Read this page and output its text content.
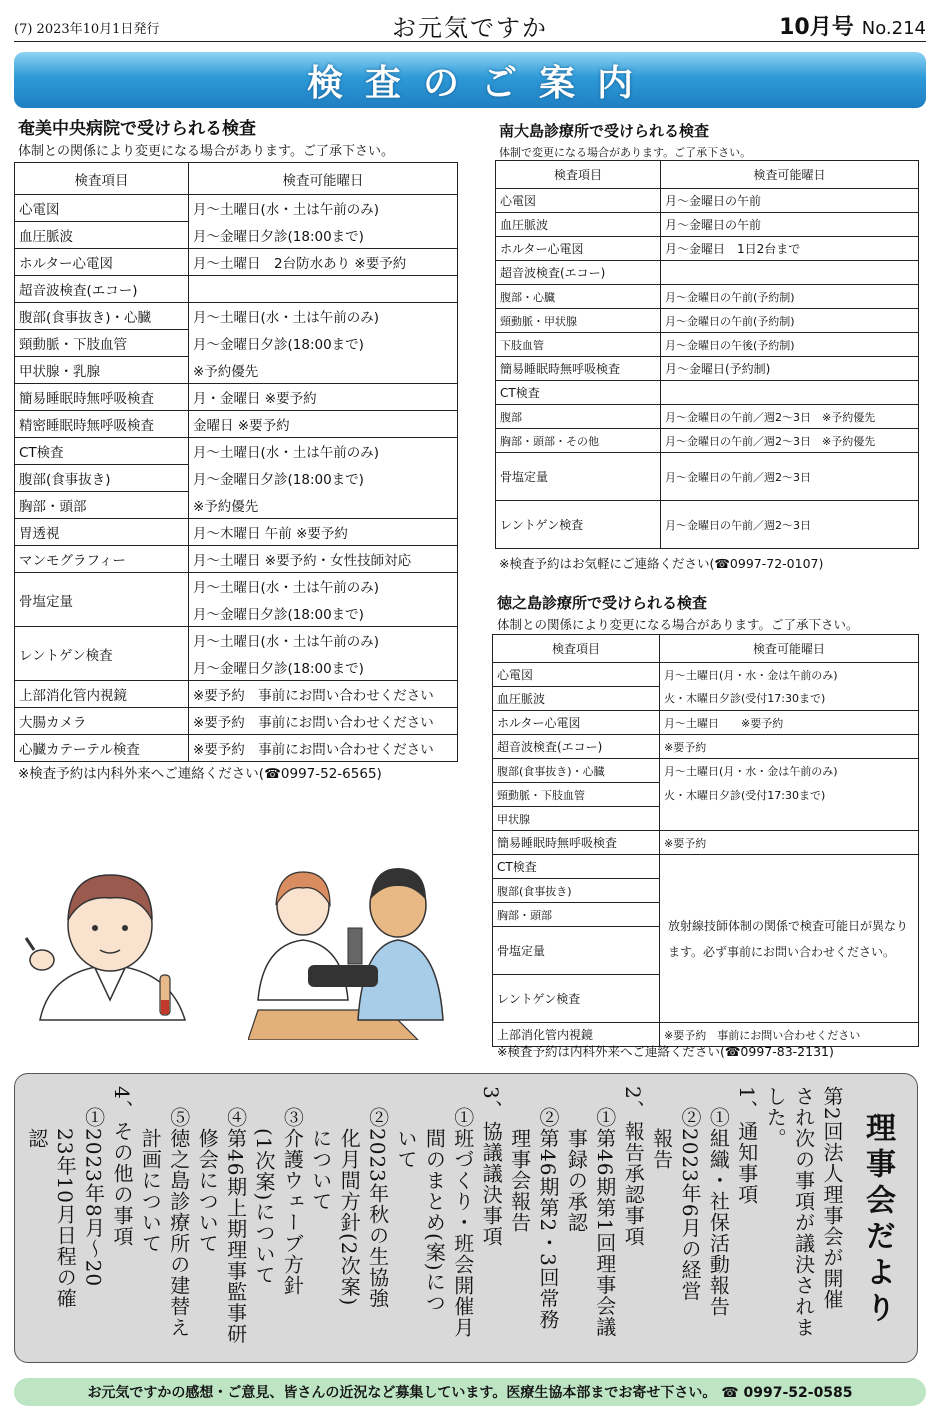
(7) 2023年10月1日発行	お元気ですか	10月号 No.214
検査のご案内
奄美中央病院で受けられる検査
体制との関係により変更になる場合があります。ご了承下さい。
検査項目	検査可能曜日
心電図	月～土曜日(水・土は午前のみ)
血圧脈波	月～金曜日夕診(18:00まで)
ホルター心電図	月～土曜日　2台防水あり ※要予約
超音波検査(エコー)	
腹部(食事抜き)・心臓	月～土曜日(水・土は午前のみ)
頸動脈・下肢血管	月～金曜日夕診(18:00まで)
甲状腺・乳腺	※予約優先
簡易睡眠時無呼吸検査	月・金曜日 ※要予約
精密睡眠時無呼吸検査	金曜日 ※要予約
CT検査	月～土曜日(水・土は午前のみ)
腹部(食事抜き)	月～金曜日夕診(18:00まで)
胸部・頭部	※予約優先
胃透視	月～木曜日 午前 ※要予約
マンモグラフィー	月～土曜日 ※要予約・女性技師対応
骨塩定量	月～土曜日(水・土は午前のみ)
	月～金曜日夕診(18:00まで)
レントゲン検査	月～土曜日(水・土は午前のみ)
	月～金曜日夕診(18:00まで)
上部消化管内視鏡	※要予約　事前にお問い合わせください
大腸カメラ	※要予約　事前にお問い合わせください
心臓カテーテル検査	※要予約　事前にお問い合わせください
※検査予約は内科外来へご連絡ください(☎0997-52-6565)
南大島診療所で受けられる検査
体制で変更になる場合があります。ご了承下さい。
検査項目	検査可能曜日
心電図	月～金曜日の午前
血圧脈波	月～金曜日の午前
ホルター心電図	月～金曜日　1日2台まで
超音波検査(エコー)	
腹部・心臓	月～金曜日の午前(予約制)
頸動脈・甲状腺	月～金曜日の午前(予約制)
下肢血管	月～金曜日の午後(予約制)
簡易睡眠時無呼吸検査	月～金曜日(予約制)
CT検査	
腹部	月～金曜日の午前／週2～3日　※予約優先
胸部・頭部・その他	月～金曜日の午前／週2～3日　※予約優先
骨塩定量	月～金曜日の午前／週2～3日
レントゲン検査	月～金曜日の午前／週2～3日
※検査予約はお気軽にご連絡ください(☎0997-72-0107)
徳之島診療所で受けられる検査
体制との関係により変更になる場合があります。ご了承下さい。
検査項目	検査可能曜日
心電図	月～土曜日(月・水・金は午前のみ)
血圧脈波	火・木曜日夕診(受付17:30まで)
ホルター心電図	月～土曜日　　※要予約
超音波検査(エコー)	※要予約
腹部(食事抜き)・心臓	月～土曜日(月・水・金は午前のみ)
頸動脈・下肢血管	火・木曜日夕診(受付17:30まで)
甲状腺	
簡易睡眠時無呼吸検査	※要予約
CT検査	放射線技師体制の関係で検査可能日が異なります。必ず事前にお問い合わせください。
腹部(食事抜き)	
胸部・頭部	
骨塩定量	
レントゲン検査	
上部消化管内視鏡	※要予約　事前にお問い合わせください
※検査予約は内科外来へご連絡ください(☎0997-83-2131)
理事会だより
第2回法人理事会が開催
され次の事項が議決されま
した。
1、通知事項
　①組織・社保活動報告
　②2023年6月の経営
　　報告
2、報告承認事項
　①第46期第1回理事会議
　　事録の承認
　②第46期第2・3回常務
　　理事会報告
3、協議議決事項
　①班づくり・班会開催月
　　間のまとめ(案)につ
　　いて
　②2023年秋の生協強
　　化月間方針(2次案)
　　について
　③介護ウェーブ方針
　　(1次案)について
　④第46期上期理事監事研
　　修会について
　⑤徳之島診療所の建替え
　　計画について
4、その他の事項
　①2023年8月～20
　　23年10月日程の確
　　認
お元気ですかの感想・ご意見、皆さんの近況など募集しています。医療生協本部までお寄せ下さい。 ☎ 0997-52-0585
